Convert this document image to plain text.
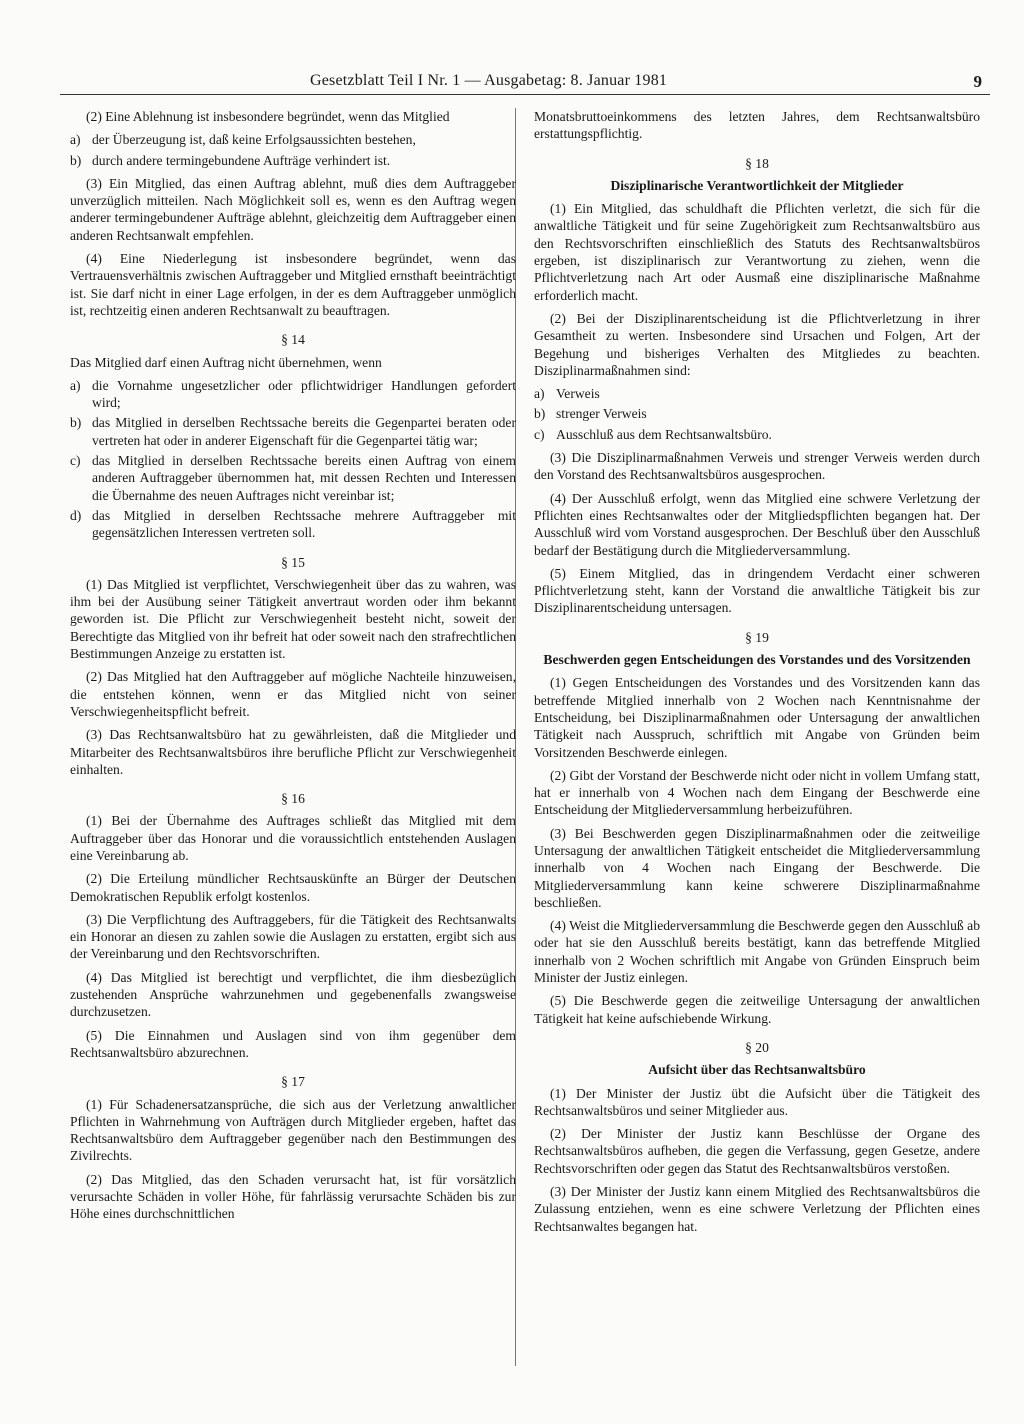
Gesetzblatt Teil I Nr. 1 — Ausgabetag: 8. Januar 1981	9

(2) Eine Ablehnung ist insbesondere begründet, wenn das Mitglied

a) der Überzeugung ist, daß keine Erfolgsaussichten bestehen,
b) durch andere termingebundene Aufträge verhindert ist.

(3) Ein Mitglied, das einen Auftrag ablehnt, muß dies dem Auftraggeber unverzüglich mitteilen. Nach Möglichkeit soll es, wenn es den Auftrag wegen anderer termingebundener Aufträge ablehnt, gleichzeitig dem Auftraggeber einen anderen Rechtsanwalt empfehlen.

(4) Eine Niederlegung ist insbesondere begründet, wenn das Vertrauensverhältnis zwischen Auftraggeber und Mitglied ernsthaft beeinträchtigt ist. Sie darf nicht in einer Lage erfolgen, in der es dem Auftraggeber unmöglich ist, rechtzeitig einen anderen Rechtsanwalt zu beauftragen.

§ 14

Das Mitglied darf einen Auftrag nicht übernehmen, wenn

a) die Vornahme ungesetzlicher oder pflichtwidriger Handlungen gefordert wird;
b) das Mitglied in derselben Rechtssache bereits die Gegenpartei beraten oder vertreten hat oder in anderer Eigenschaft für die Gegenpartei tätig war;
c) das Mitglied in derselben Rechtssache bereits einen Auftrag von einem anderen Auftraggeber übernommen hat, mit dessen Rechten und Interessen die Übernahme des neuen Auftrages nicht vereinbar ist;
d) das Mitglied in derselben Rechtssache mehrere Auftraggeber mit gegensätzlichen Interessen vertreten soll.
§ 15

(1) Das Mitglied ist verpflichtet, Verschwiegenheit über das zu wahren, was ihm bei der Ausübung seiner Tätigkeit anvertraut worden oder ihm bekannt geworden ist. Die Pflicht zur Verschwiegenheit besteht nicht, soweit der Berechtigte das Mitglied von ihr befreit hat oder soweit nach den strafrechtlichen Bestimmungen Anzeige zu erstatten ist.

(2) Das Mitglied hat den Auftraggeber auf mögliche Nachteile hinzuweisen, die entstehen können, wenn er das Mitglied nicht von seiner Verschwiegenheitspflicht befreit.

(3) Das Rechtsanwaltsbüro hat zu gewährleisten, daß die Mitglieder und Mitarbeiter des Rechtsanwaltsbüros ihre berufliche Pflicht zur Verschwiegenheit einhalten.

§ 16

(1) Bei der Übernahme des Auftrages schließt das Mitglied mit dem Auftraggeber über das Honorar und die voraussichtlich entstehenden Auslagen eine Vereinbarung ab.

(2) Die Erteilung mündlicher Rechtsauskünfte an Bürger der Deutschen Demokratischen Republik erfolgt kostenlos.

(3) Die Verpflichtung des Auftraggebers, für die Tätigkeit des Rechtsanwalts ein Honorar an diesen zu zahlen sowie die Auslagen zu erstatten, ergibt sich aus der Vereinbarung und den Rechtsvorschriften.

(4) Das Mitglied ist berechtigt und verpflichtet, die ihm diesbezüglich zustehenden Ansprüche wahrzunehmen und gegebenenfalls zwangsweise durchzusetzen.

(5) Die Einnahmen und Auslagen sind von ihm gegenüber dem Rechtsanwaltsbüro abzurechnen.

§ 17

(1) Für Schadenersatzansprüche, die sich aus der Verletzung anwaltlicher Pflichten in Wahrnehmung von Aufträgen durch Mitglieder ergeben, haftet das Rechtsanwaltsbüro dem Auftraggeber gegenüber nach den Bestimmungen des Zivilrechts.

(2) Das Mitglied, das den Schaden verursacht hat, ist für vorsätzlich verursachte Schäden in voller Höhe, für fahrlässig verursachte Schäden bis zur Höhe eines durchschnittlichen

Monatsbruttoeinkommens des letzten Jahres, dem Rechtsanwaltsbüro erstattungspflichtig.

§ 18
Disziplinarische Verantwortlichkeit der Mitglieder

(1) Ein Mitglied, das schuldhaft die Pflichten verletzt, die sich für die anwaltliche Tätigkeit und für seine Zugehörigkeit zum Rechtsanwaltsbüro aus den Rechtsvorschriften einschließlich des Statuts des Rechtsanwaltsbüros ergeben, ist disziplinarisch zur Verantwortung zu ziehen, wenn die Pflichtverletzung nach Art oder Ausmaß eine disziplinarische Maßnahme erforderlich macht.

(2) Bei der Disziplinarentscheidung ist die Pflichtverletzung in ihrer Gesamtheit zu werten. Insbesondere sind Ursachen und Folgen, Art der Begehung und bisheriges Verhalten des Mitgliedes zu beachten. Disziplinarmaßnahmen sind:

a) Verweis
b) strenger Verweis
c) Ausschluß aus dem Rechtsanwaltsbüro.

(3) Die Disziplinarmaßnahmen Verweis und strenger Verweis werden durch den Vorstand des Rechtsanwaltsbüros ausgesprochen.

(4) Der Ausschluß erfolgt, wenn das Mitglied eine schwere Verletzung der Pflichten eines Rechtsanwaltes oder der Mitgliedspflichten begangen hat. Der Ausschluß wird vom Vorstand ausgesprochen. Der Beschluß über den Ausschluß bedarf der Bestätigung durch die Mitgliederversammlung.

(5) Einem Mitglied, das in dringendem Verdacht einer schweren Pflichtverletzung steht, kann der Vorstand die anwaltliche Tätigkeit bis zur Disziplinarentscheidung untersagen.

§ 19
Beschwerden gegen Entscheidungen des Vorstandes und des Vorsitzenden

(1) Gegen Entscheidungen des Vorstandes und des Vorsitzenden kann das betreffende Mitglied innerhalb von 2 Wochen nach Kenntnisnahme der Entscheidung, bei Disziplinarmaßnahmen oder Untersagung der anwaltlichen Tätigkeit nach Ausspruch, schriftlich mit Angabe von Gründen beim Vorsitzenden Beschwerde einlegen.

(2) Gibt der Vorstand der Beschwerde nicht oder nicht in vollem Umfang statt, hat er innerhalb von 4 Wochen nach dem Eingang der Beschwerde eine Entscheidung der Mitgliederversammlung herbeizuführen.

(3) Bei Beschwerden gegen Disziplinarmaßnahmen oder die zeitweilige Untersagung der anwaltlichen Tätigkeit entscheidet die Mitgliederversammlung innerhalb von 4 Wochen nach Eingang der Beschwerde. Die Mitgliederversammlung kann keine schwerere Disziplinarmaßnahme beschließen.

(4) Weist die Mitgliederversammlung die Beschwerde gegen den Ausschluß ab oder hat sie den Ausschluß bereits bestätigt, kann das betreffende Mitglied innerhalb von 2 Wochen schriftlich mit Angabe von Gründen Einspruch beim Minister der Justiz einlegen.

(5) Die Beschwerde gegen die zeitweilige Untersagung der anwaltlichen Tätigkeit hat keine aufschiebende Wirkung.

§ 20
Aufsicht über das Rechtsanwaltsbüro

(1) Der Minister der Justiz übt die Aufsicht über die Tätigkeit des Rechtsanwaltsbüros und seiner Mitglieder aus.

(2) Der Minister der Justiz kann Beschlüsse der Organe des Rechtsanwaltsbüros aufheben, die gegen die Verfassung, gegen Gesetze, andere Rechtsvorschriften oder gegen das Statut des Rechtsanwaltsbüros verstoßen.

(3) Der Minister der Justiz kann einem Mitglied des Rechtsanwaltsbüros die Zulassung entziehen, wenn es eine schwere Verletzung der Pflichten eines Rechtsanwaltes begangen hat.
